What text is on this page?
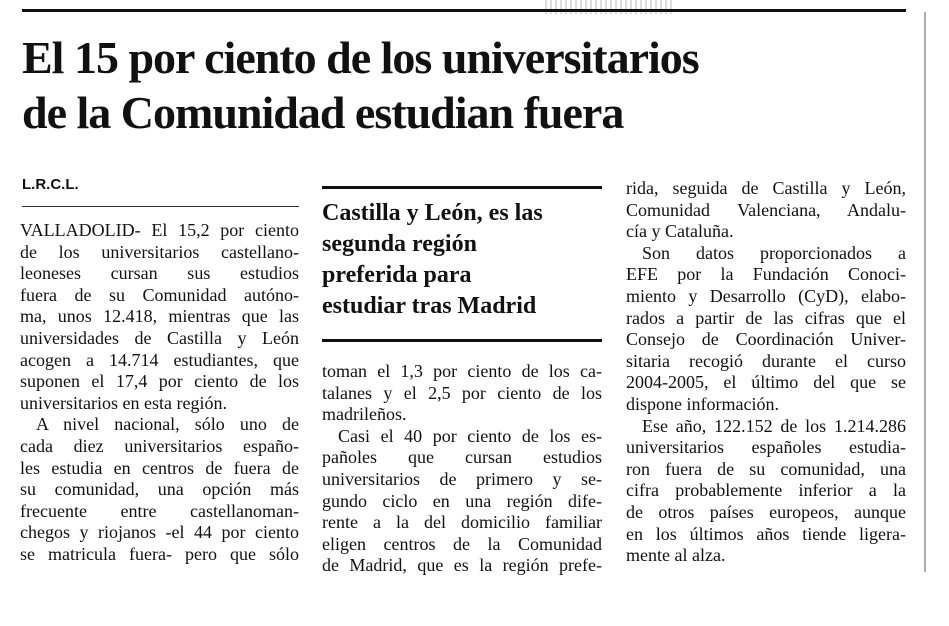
El 15 por ciento de los universitarios
de la Comunidad estudian fuera
L.R.C.L.
VALLADOLID- El 15,2 por ciento
de los universitarios castellano-
leoneses cursan sus estudios
fuera de su Comunidad autóno-
ma, unos 12.418, mientras que las
universidades de Castilla y León
acogen a 14.714 estudiantes, que
suponen el 17,4 por ciento de los
universitarios en esta región.
A nivel nacional, sólo uno de
cada diez universitarios españo-
les estudia en centros de fuera de
su comunidad, una opción más
frecuente entre castellanoman-
chegos y riojanos -el 44 por ciento
se matricula fuera- pero que sólo
Castilla y León, es las
segunda región
preferida para
estudiar tras Madrid
toman el 1,3 por ciento de los ca-
talanes y el 2,5 por ciento de los
madrileños.
Casi el 40 por ciento de los es-
pañoles que cursan estudios
universitarios de primero y se-
gundo ciclo en una región dife-
rente a la del domicilio familiar
eligen centros de la Comunidad
de Madrid, que es la región prefe-
rida, seguida de Castilla y León,
Comunidad Valenciana, Andalu-
cía y Cataluña.
Son datos proporcionados a
EFE por la Fundación Conoci-
miento y Desarrollo (CyD), elabo-
rados a partir de las cifras que el
Consejo de Coordinación Univer-
sitaria recogió durante el curso
2004-2005, el último del que se
dispone información.
Ese año, 122.152 de los 1.214.286
universitarios españoles estudia-
ron fuera de su comunidad, una
cifra probablemente inferior a la
de otros países europeos, aunque
en los últimos años tiende ligera-
mente al alza.
